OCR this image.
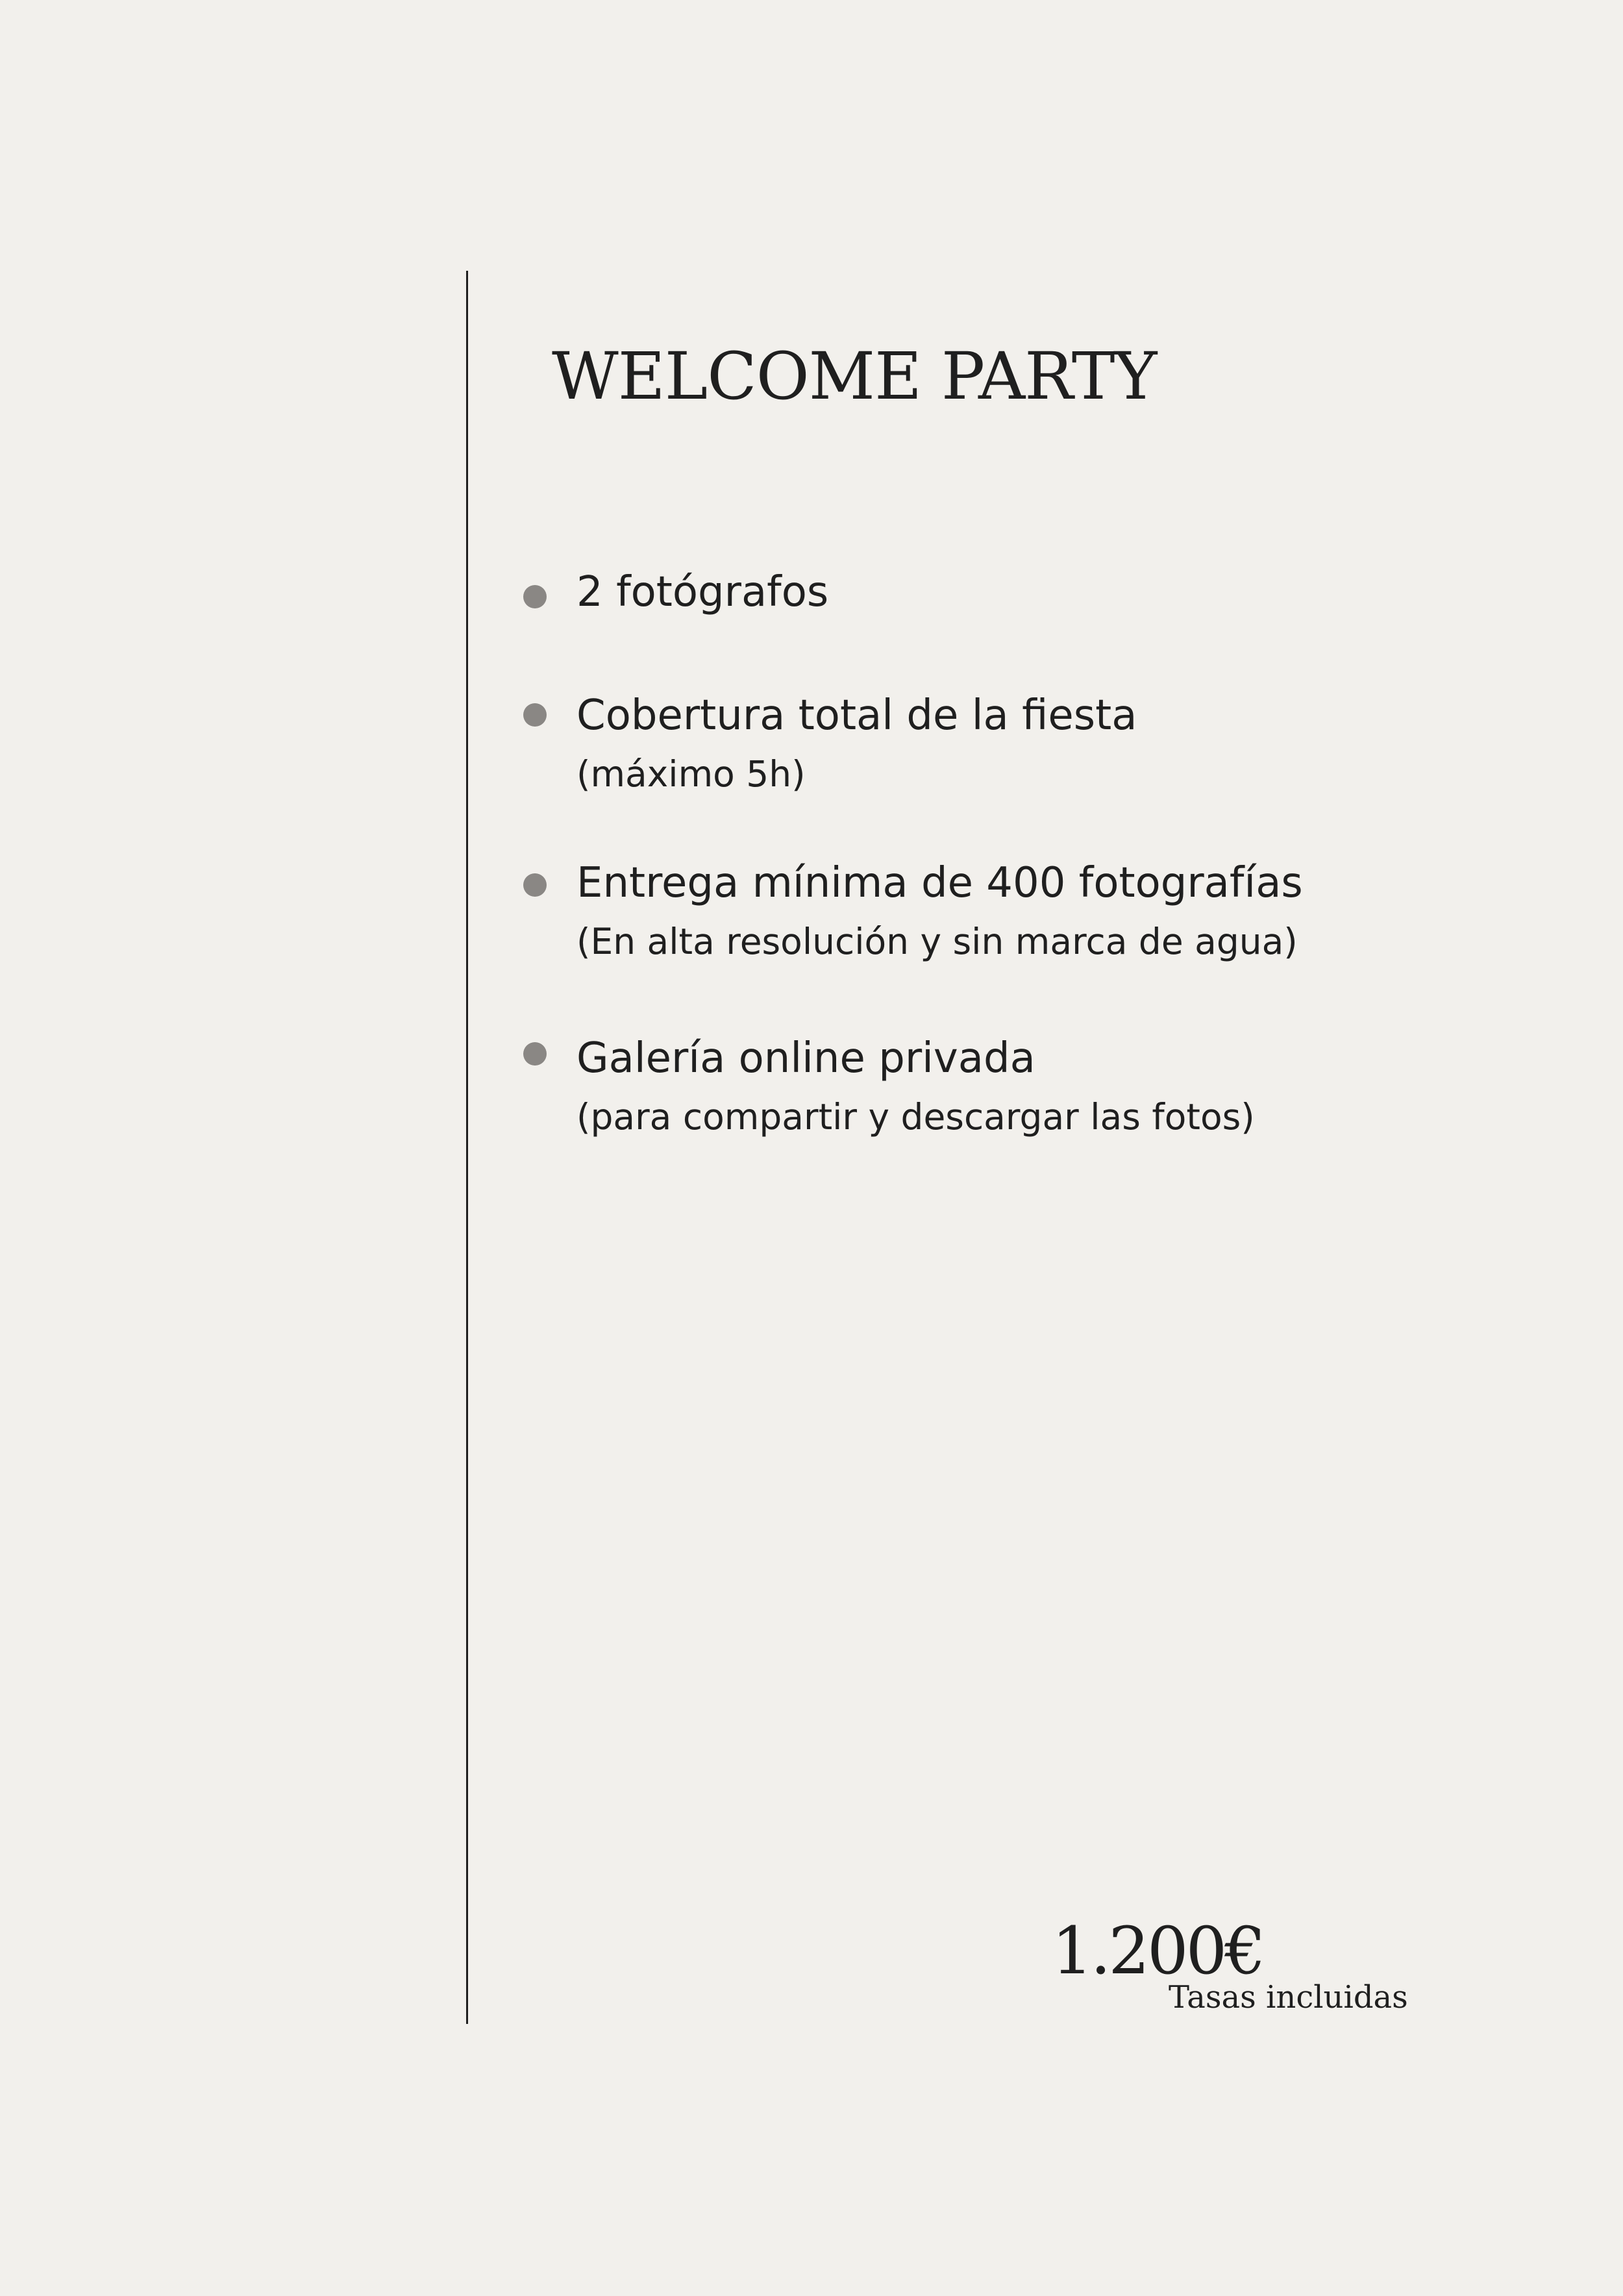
WELCOME PARTY
2 fotógrafos
Cobertura total de la fiesta
(máximo 5h)
Entrega mínima de 400 fotografías
(En alta resolución y sin marca de agua)
Galería online privada
(para compartir y descargar las fotos)
1.200€
Tasas incluidas
